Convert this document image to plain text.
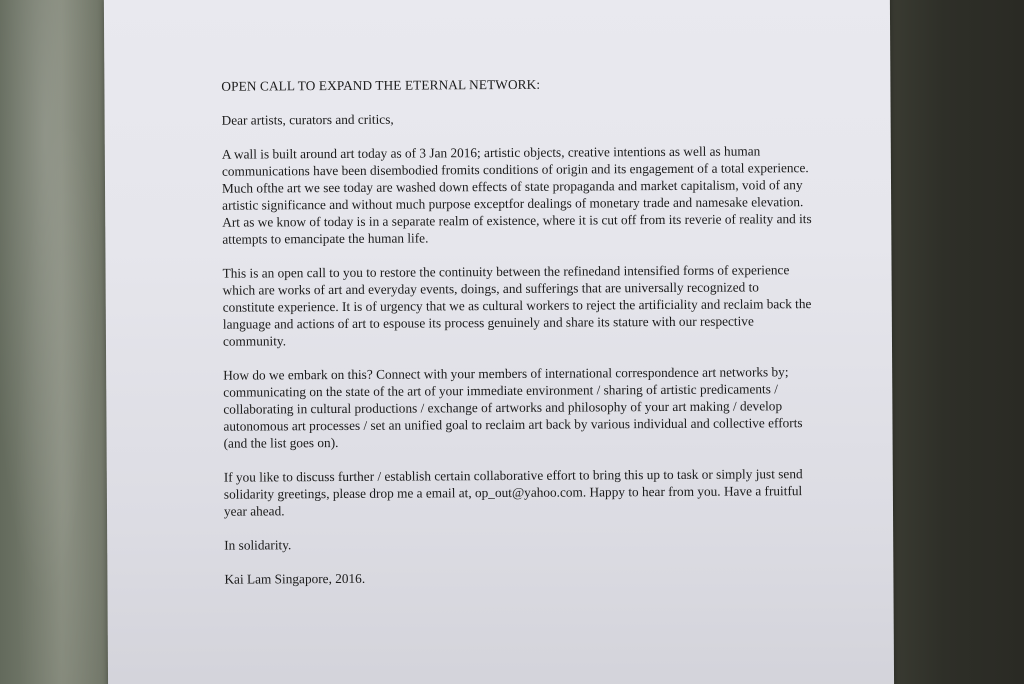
OPEN CALL TO EXPAND THE ETERNAL NETWORK:

Dear artists, curators and critics,

A wall is built around art today as of 3 Jan 2016; artistic objects, creative intentions as well as human communications have been disembodied fromits conditions of origin and its engagement of a total experience. Much ofthe art we see today are washed down effects of state propaganda and market capitalism, void of any artistic significance and without much purpose exceptfor dealings of monetary trade and namesake elevation. Art as we know of today is in a separate realm of existence, where it is cut off from its reverie of reality and its attempts to emancipate the human life.

This is an open call to you to restore the continuity between the refinedand intensified forms of experience which are works of art and everyday events, doings, and sufferings that are universally recognized to constitute experience. It is of urgency that we as cultural workers to reject the artificiality and reclaim back the language and actions of art to espouse its process genuinely and share its stature with our respective community.

How do we embark on this? Connect with your members of international correspondence art networks by; communicating on the state of the art of your immediate environment / sharing of artistic predicaments / collaborating in cultural productions / exchange of artworks and philosophy of your art making / develop autonomous art processes / set an unified goal to reclaim art back by various individual and collective efforts (and the list goes on).

If you like to discuss further / establish certain collaborative effort to bring this up to task or simply just send solidarity greetings, please drop me a email at, op_out@yahoo.com. Happy to hear from you. Have a fruitful year ahead.

In solidarity.

Kai Lam Singapore, 2016.
